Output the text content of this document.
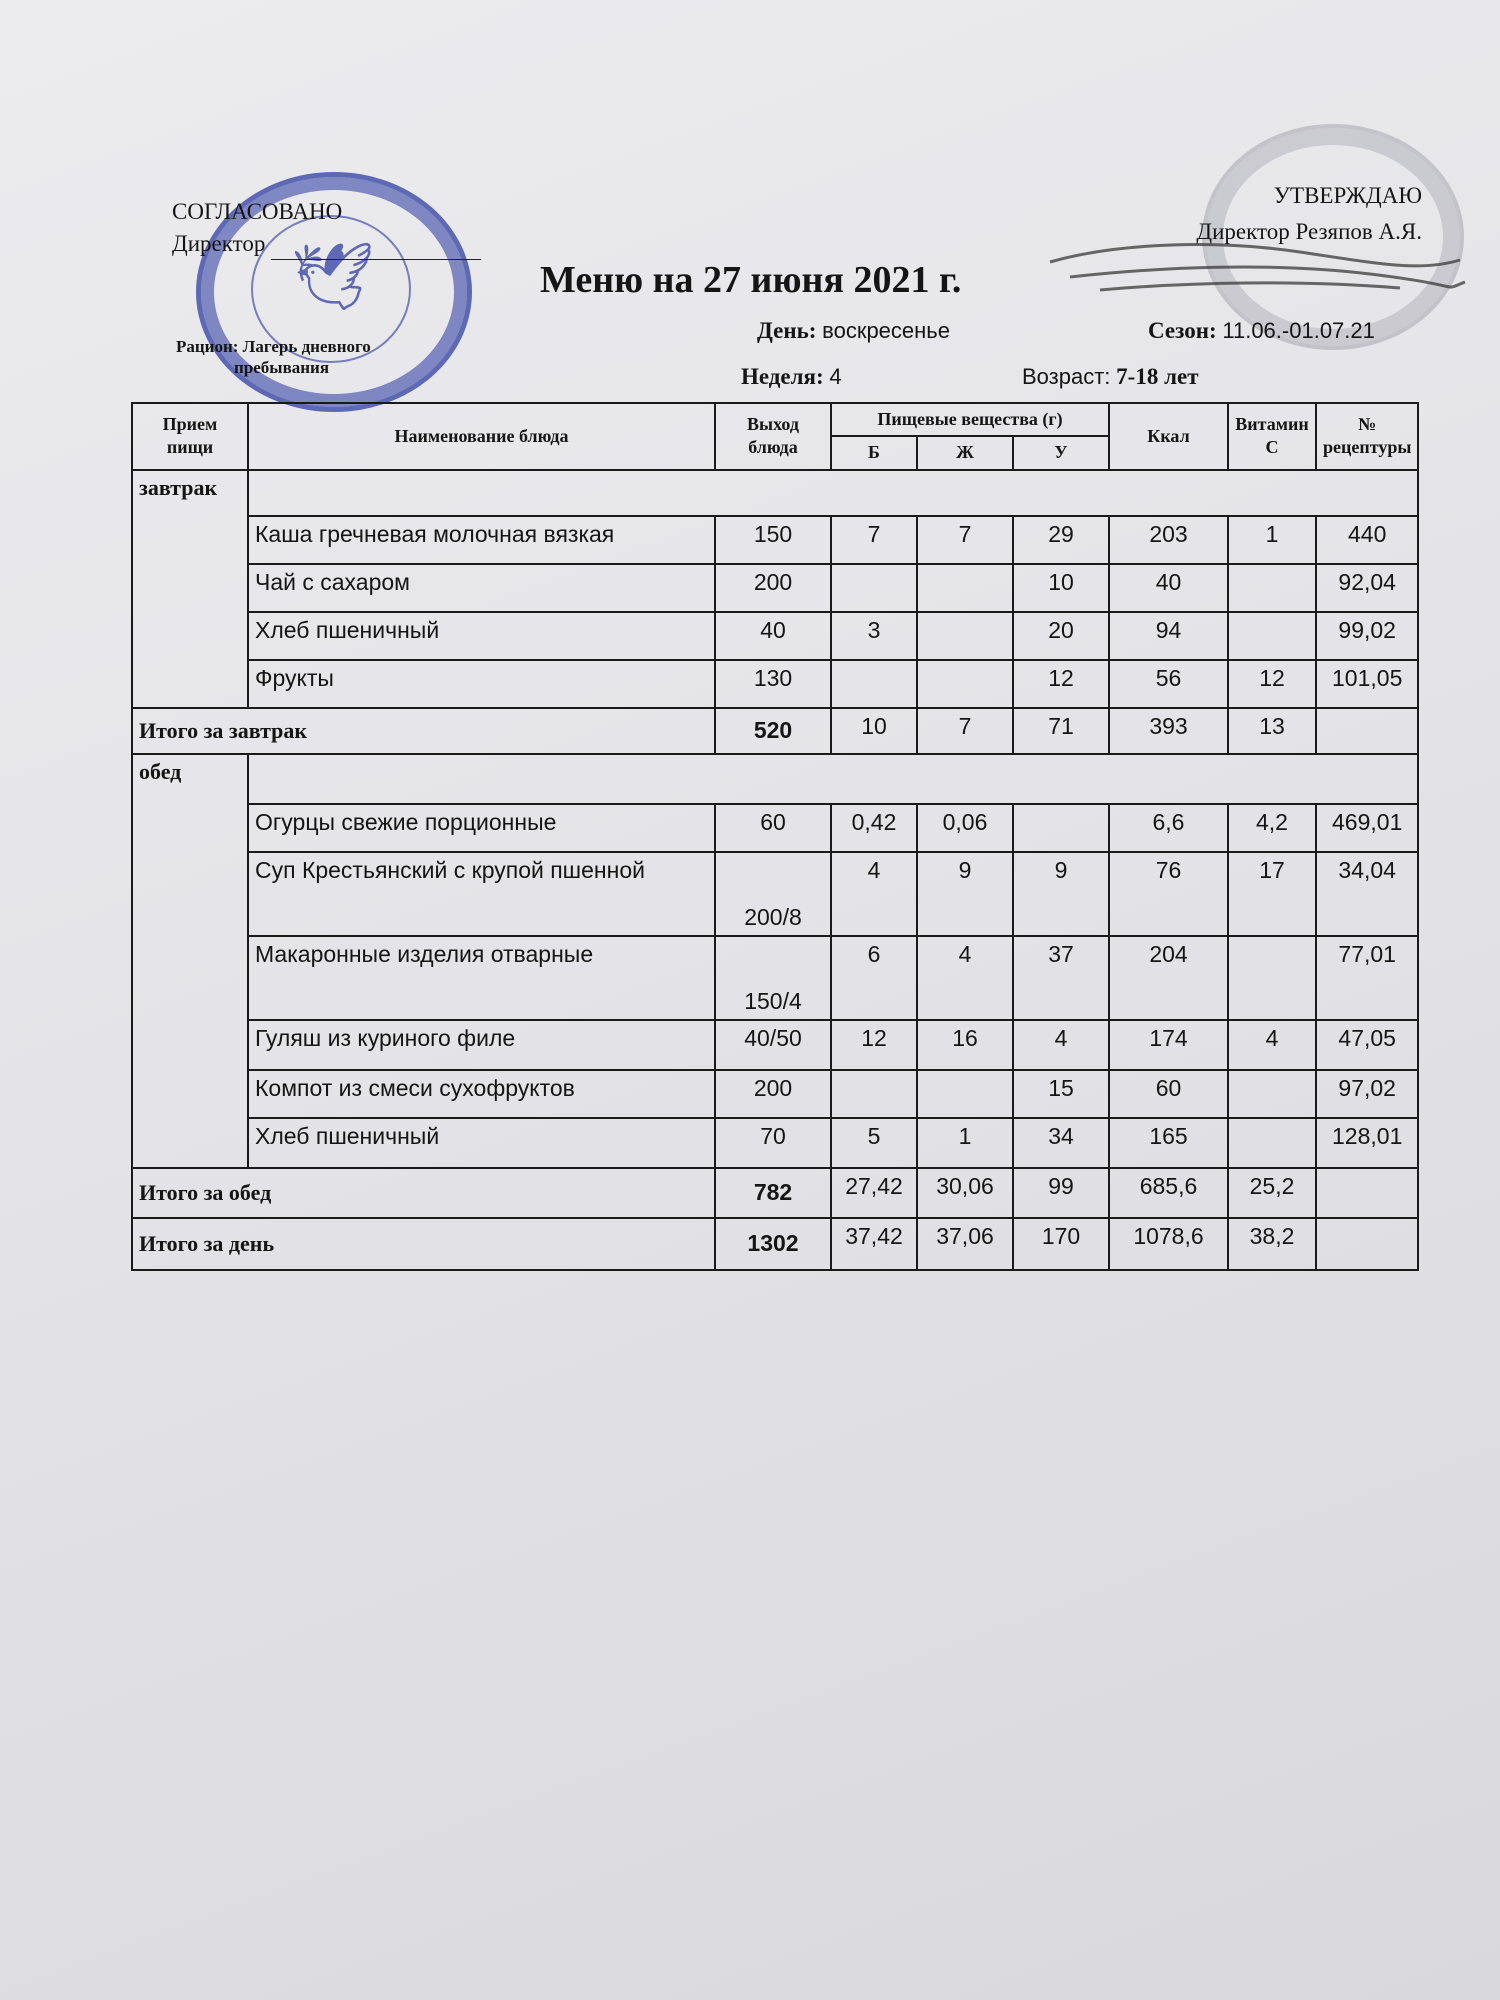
🕊
СОГЛАСОВАНО
Директор
УТВЕРЖДАЮ
Директор Резяпов А.Я.
Меню на 27 июня 2021 г.
Рацион: Лагерь дневного
пребывания
День: воскресенье	Сезон: 11.06.-01.07.21
Неделя: 4	Возраст: 7-18 лет
Прием пищи	Наименование блюда	Выход блюда	Пищевые вещества (г)			Ккал	Витамин С	№ рецептуры
			Б	Ж	У			
завтрак								
	Каша гречневая молочная вязкая	150	7	7	29	203	1	440
	Чай с сахаром	200			10	40		92,04
	Хлеб пшеничный	40	3		20	94		99,02
	Фрукты	130			12	56	12	101,05
Итого за завтрак		520	10	7	71	393	13	
обед								
	Огурцы свежие порционные	60	0,42	0,06		6,6	4,2	469,01
	Суп Крестьянский с крупой пшенной	200/8	4	9	9	76	17	34,04
	Макаронные изделия отварные	150/4	6	4	37	204		77,01
	Гуляш из куриного филе	40/50	12	16	4	174	4	47,05
	Компот из смеси сухофруктов	200			15	60		97,02
	Хлеб пшеничный	70	5	1	34	165		128,01
Итого за обед		782	27,42	30,06	99	685,6	25,2	
Итого за день		1302	37,42	37,06	170	1078,6	38,2	
